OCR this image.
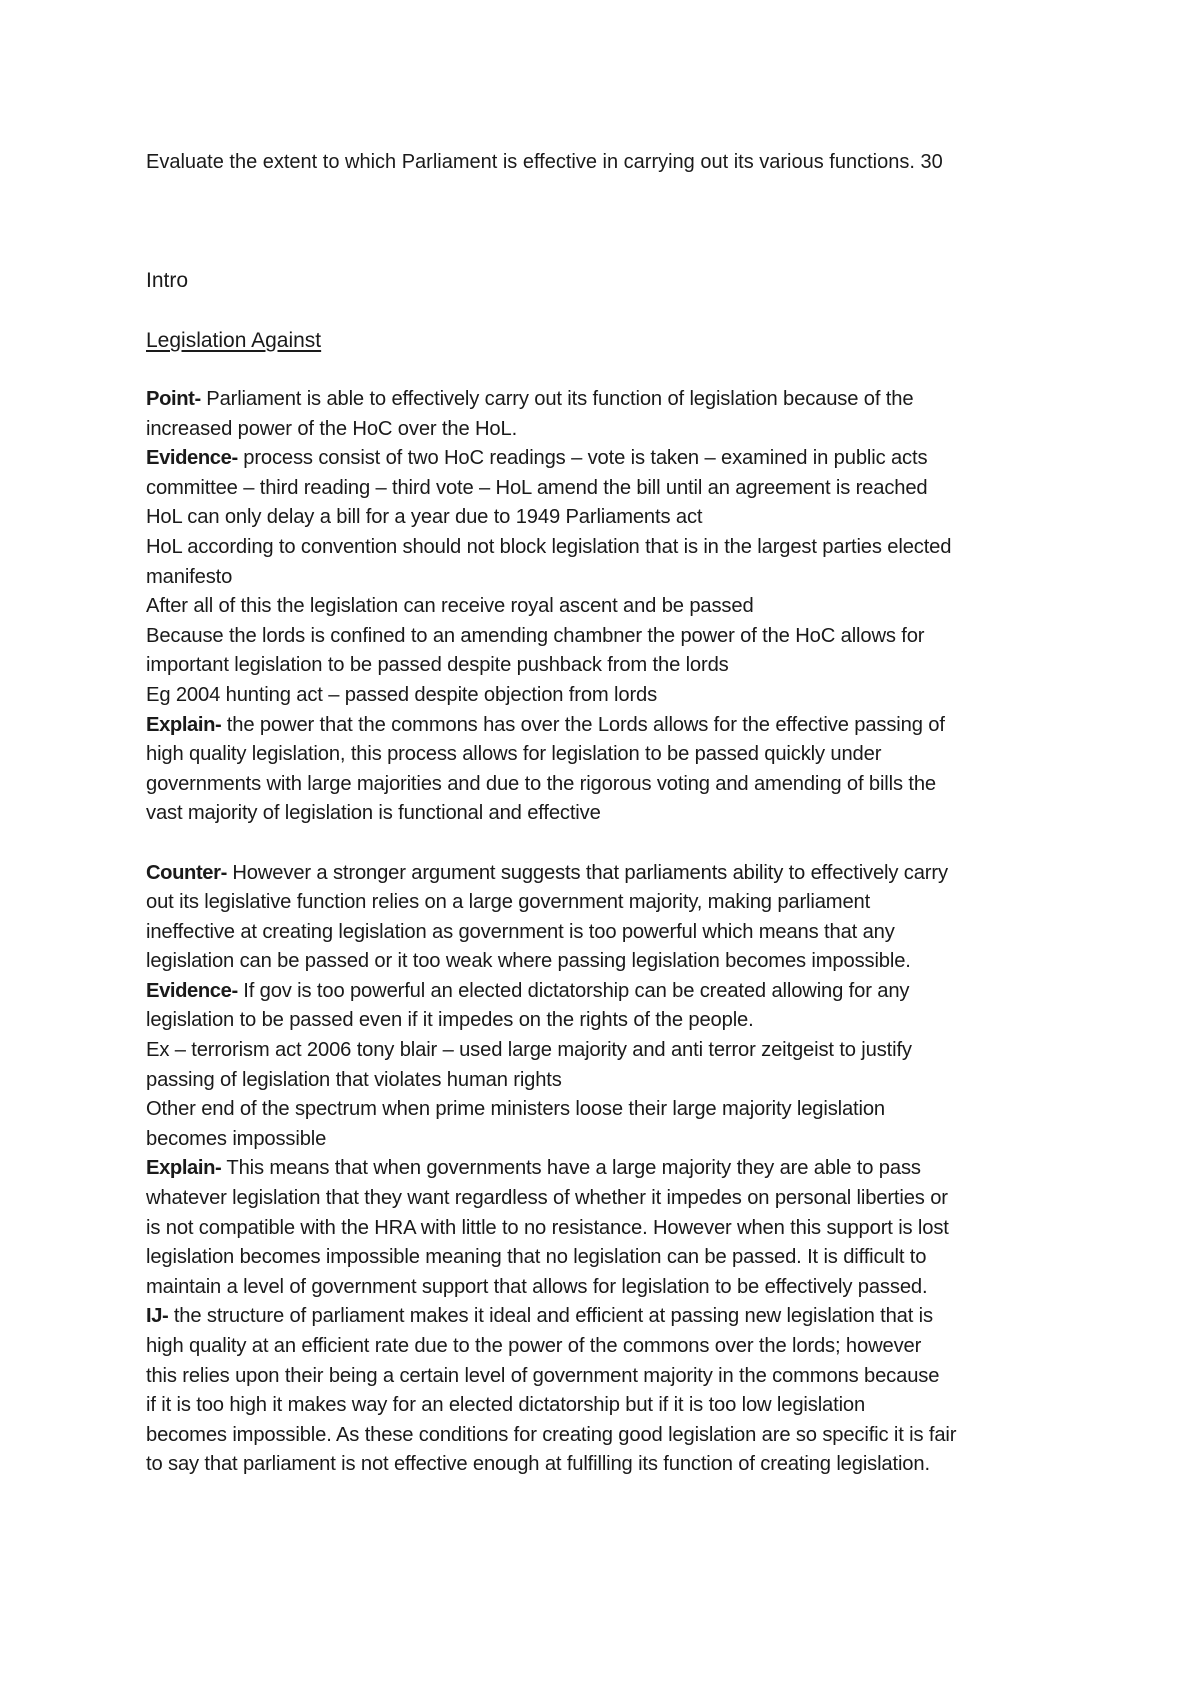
Evaluate the extent to which Parliament is effective in carrying out its various functions. 30
Intro
Legislation Against
Point- Parliament is able to effectively carry out its function of legislation because of the
increased power of the HoC over the HoL.
Evidence- process consist of two HoC readings – vote is taken – examined in public acts
committee – third reading – third vote – HoL amend the bill until an agreement is reached
HoL can only delay a bill for a year due to 1949 Parliaments act
HoL according to convention should not block legislation that is in the largest parties elected
manifesto
After all of this the legislation can receive royal ascent and be passed
Because the lords is confined to an amending chambner the power of the HoC allows for
important legislation to be passed despite pushback from the lords
Eg 2004 hunting act – passed despite objection from lords
Explain- the power that the commons has over the Lords allows for the effective passing of
high quality legislation, this process allows for legislation to be passed quickly under
governments with large majorities and due to the rigorous voting and amending of bills the
vast majority of legislation is functional and effective
Counter- However a stronger argument suggests that parliaments ability to effectively carry
out its legislative function relies on a large government majority, making parliament
ineffective at creating legislation as government is too powerful which means that any
legislation can be passed or it too weak where passing legislation becomes impossible.
Evidence- If gov is too powerful an elected dictatorship can be created allowing for any
legislation to be passed even if it impedes on the rights of the people.
Ex – terrorism act 2006 tony blair – used large majority and anti terror zeitgeist to justify
passing of legislation that violates human rights
Other end of the spectrum when prime ministers loose their large majority legislation
becomes impossible
Explain- This means that when governments have a large majority they are able to pass
whatever legislation that they want regardless of whether it impedes on personal liberties or
is not compatible with the HRA with little to no resistance. However when this support is lost
legislation becomes impossible meaning that no legislation can be passed. It is difficult to
maintain a level of government support that allows for legislation to be effectively passed.
IJ- the structure of parliament makes it ideal and efficient at passing new legislation that is
high quality at an efficient rate due to the power of the commons over the lords; however
this relies upon their being a certain level of government majority in the commons because
if it is too high it makes way for an elected dictatorship but if it is too low legislation
becomes impossible. As these conditions for creating good legislation are so specific it is fair
to say that parliament is not effective enough at fulfilling its function of creating legislation.
